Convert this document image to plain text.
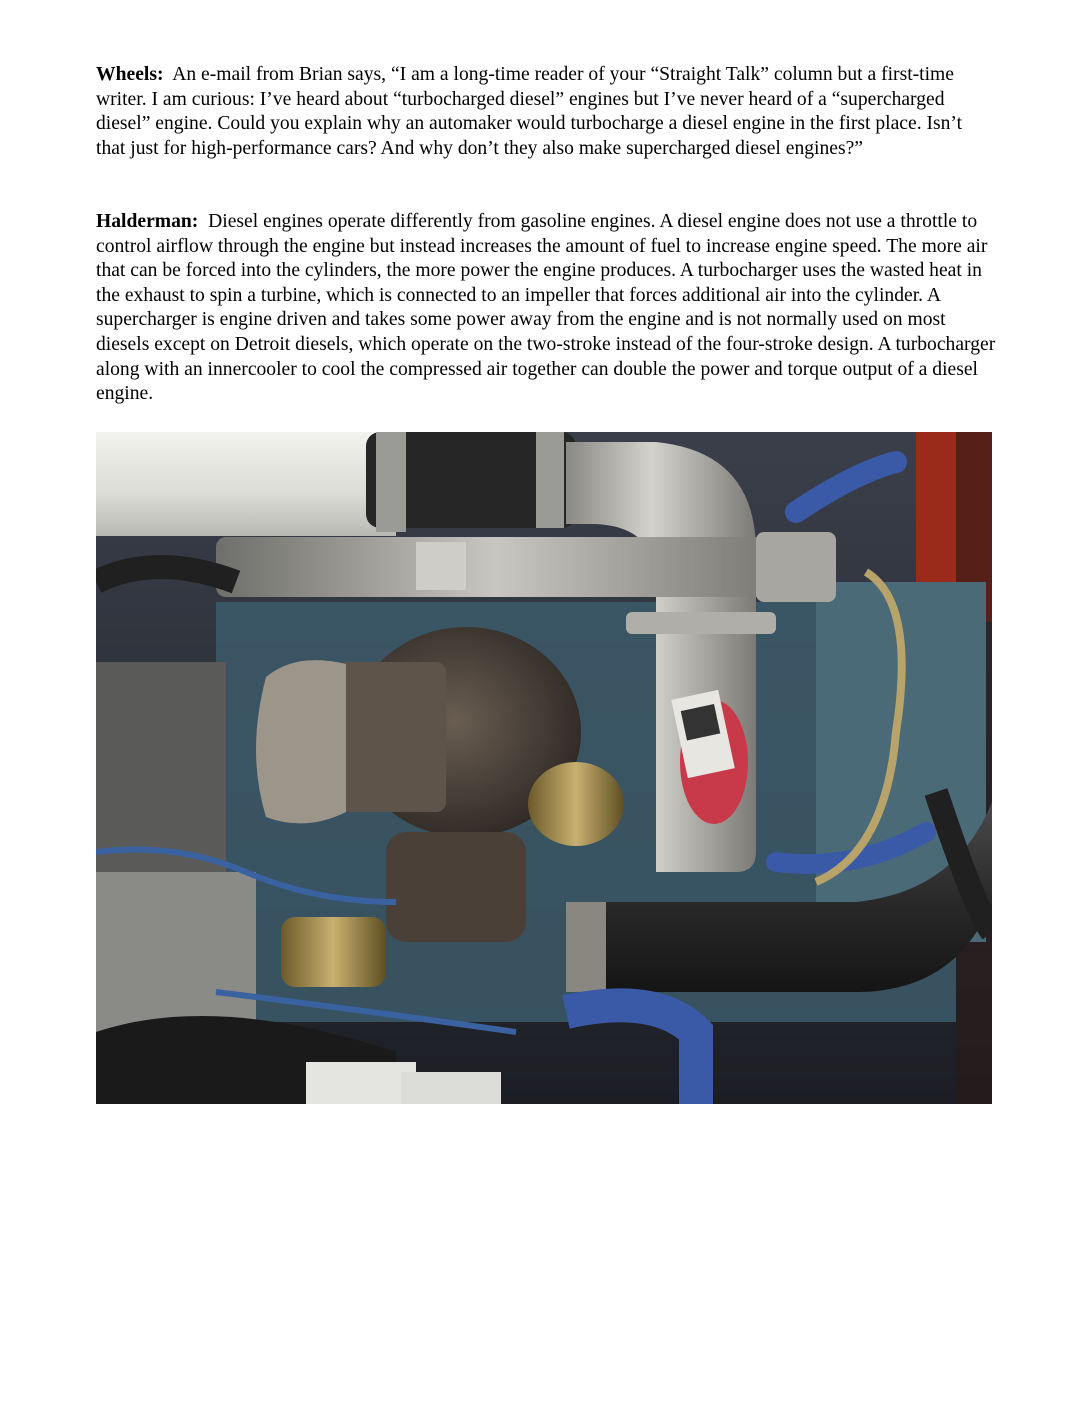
Wheels: An e-mail from Brian says, “I am a long-time reader of your “Straight Talk” column but a first-time writer. I am curious: I’ve heard about “turbocharged diesel” engines but I’ve never heard of a “supercharged diesel” engine. Could you explain why an automaker would turbocharge a diesel engine in the first place. Isn’t that just for high-performance cars? And why don’t they also make supercharged diesel engines?”

Halderman: Diesel engines operate differently from gasoline engines. A diesel engine does not use a throttle to control airflow through the engine but instead increases the amount of fuel to increase engine speed. The more air that can be forced into the cylinders, the more power the engine produces. A turbocharger uses the wasted heat in the exhaust to spin a turbine, which is connected to an impeller that forces additional air into the cylinder. A supercharger is engine driven and takes some power away from the engine and is not normally used on most diesels except on Detroit diesels, which operate on the two-stroke instead of the four-stroke design. A turbocharger along with an innercooler to cool the compressed air together can double the power and torque output of a diesel engine.
